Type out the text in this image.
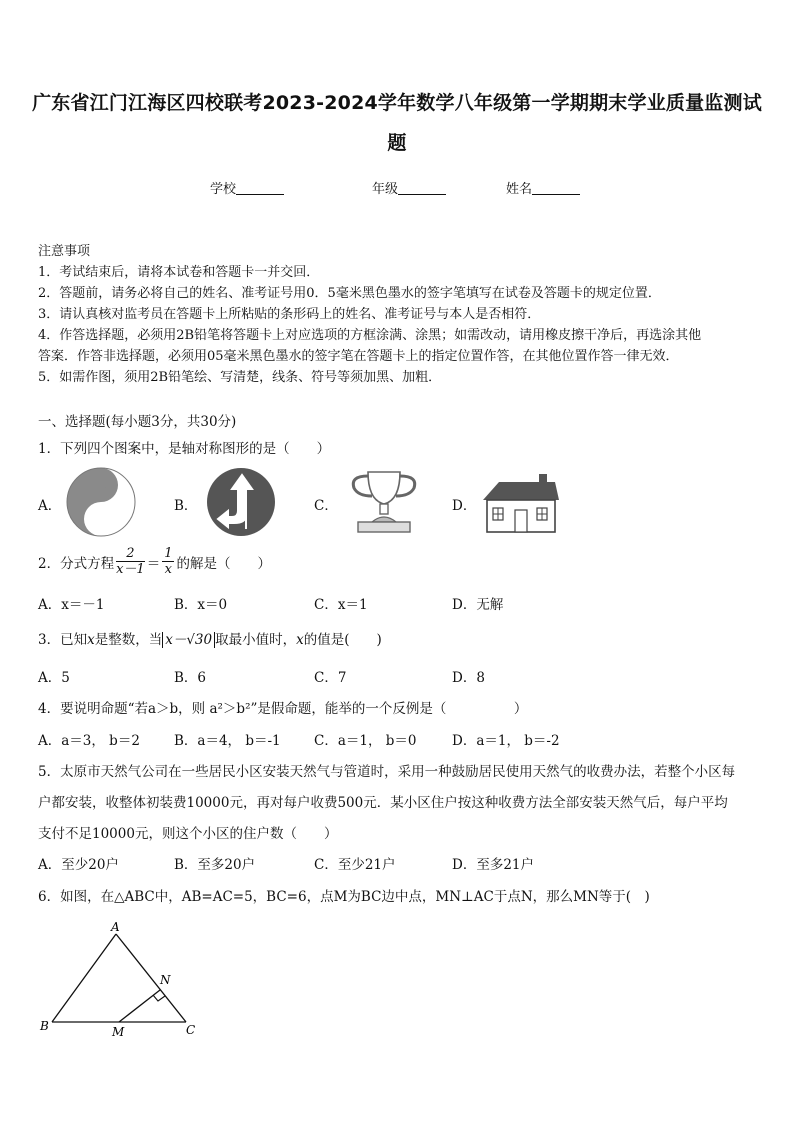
广东省江门江海区四校联考2023-2024学年数学八年级第一学期期末学业质量监测试
题
学校	年级	姓名
注意事项
1．考试结束后，请将本试卷和答题卡一并交回．
2．答题前，请务必将自己的姓名、准考证号用0．5毫米黑色墨水的签字笔填写在试卷及答题卡的规定位置．
3．请认真核对监考员在答题卡上所粘贴的条形码上的姓名、准考证号与本人是否相符．
4．作答选择题，必须用2B铅笔将答题卡上对应选项的方框涂满、涂黑；如需改动，请用橡皮擦干净后，再选涂其他
答案．作答非选择题，必须用05毫米黑色墨水的签字笔在答题卡上的指定位置作答，在其他位置作答一律无效．
5．如需作图，须用2B铅笔绘、写清楚，线条、符号等须加黑、加粗．
一、选择题(每小题3分，共30分)
1．下列四个图案中，是轴对称图形的是（　　）
A．	B．	C．	D．
2．分式方程 $\frac{2}{x-1} = \frac{1}{x}$ 的解是（　　）
A．x＝－1	B．x＝0	C．x＝1	D．无解
3．已知x是整数，当 x－√30 取最小值时，x的值是(　　)
A．5	B．6	C．7	D．8
4．要说明命题“若a＞b，则 a²＞b²”是假命题，能举的一个反例是（　　　　　）
A．a＝3， b＝2	B．a＝4， b＝-1 C．a＝1， b＝0	D．a＝1， b＝-2
5．太原市天然气公司在一些居民小区安装天然气与管道时，采用一种鼓励居民使用天然气的收费办法，若整个小区每
户都安装，收整体初装费10000元，再对每户收费500元．某小区住户按这种收费方法全部安装天然气后，每户平均
支付不足10000元，则这个小区的住户数（　　）
A．至少20户	B．至多20户	C．至少21户	D．至多21户
6．如图，在△ABC中，AB=AC=5，BC=6，点M为BC边中点，MN⊥AC于点N，那么MN等于(　)
A
B	C
M
N
